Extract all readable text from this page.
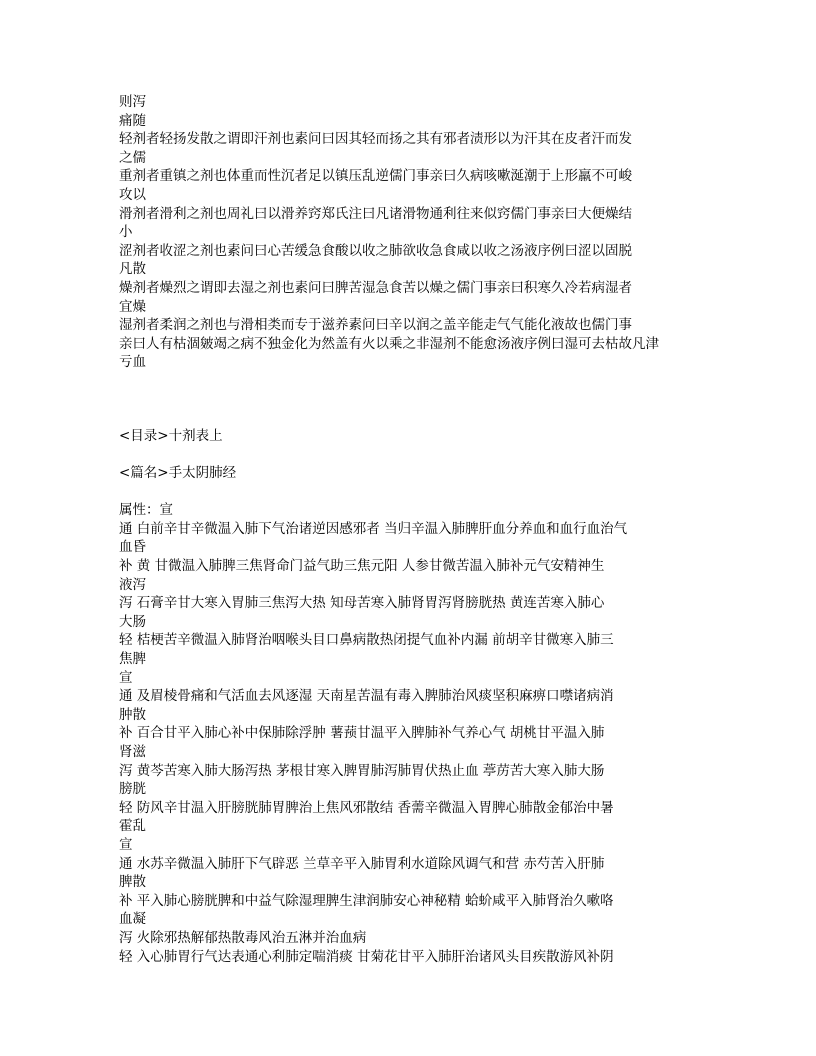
则泻
痛随
轻剂者轻扬发散之谓即汗剂也素问曰因其轻而扬之其有邪者渍形以为汗其在皮者汗而发
之儒
重剂者重镇之剂也体重而性沉者足以镇压乱逆儒门事亲曰久病咳嗽涎潮于上形羸不可峻
攻以
滑剂者滑利之剂也周礼曰以滑养窍郑氏注曰凡诸滑物通利往来似窍儒门事亲曰大便燥结
小
涩剂者收涩之剂也素问曰心苦缓急食酸以收之肺欲收急食咸以收之汤液序例曰涩以固脱
凡散
燥剂者燥烈之谓即去湿之剂也素问曰脾苦湿急食苦以燥之儒门事亲曰积寒久冷若病湿者
宜燥
湿剂者柔润之剂也与滑相类而专于滋养素问曰辛以润之盖辛能走气气能化液故也儒门事
亲曰人有枯涸皴竭之病不独金化为然盖有火以乘之非湿剂不能愈汤液序例曰湿可去枯故凡津
亏血
<目录>十剂表上
<篇名>手太阴肺经
属性：宣
通 白前辛甘辛微温入肺下气治诸逆因感邪者 当归辛温入肺脾肝血分养血和血行血治气
血昏
补 黄 甘微温入肺脾三焦肾命门益气助三焦元阳 人参甘微苦温入肺补元气安精神生
液泻
泻 石膏辛甘大寒入胃肺三焦泻大热 知母苦寒入肺肾胃泻肾膀胱热 黄连苦寒入肺心
大肠
轻 桔梗苦辛微温入肺肾治咽喉头目口鼻病散热闭提气血补内漏 前胡辛甘微寒入肺三
焦脾
宣
通 及眉棱骨痛和气活血去风逐湿 天南星苦温有毒入脾肺治风痰坚积麻痹口噤诸病消
肿散
补 百合甘平入肺心补中保肺除浮肿 薯蓣甘温平入脾肺补气养心气 胡桃甘平温入肺
肾滋
泻 黄芩苦寒入肺大肠泻热 茅根甘寒入脾胃肺泻肺胃伏热止血 葶苈苦大寒入肺大肠
膀胱
轻 防风辛甘温入肝膀胱肺胃脾治上焦风邪散结 香薷辛微温入胃脾心肺散金郁治中暑
霍乱
宣
通 水苏辛微温入肺肝下气辟恶 兰草辛平入肺胃利水道除风调气和营 赤芍苦入肝肺
脾散
补 平入肺心膀胱脾和中益气除湿理脾生津润肺安心神秘精 蛤蚧咸平入肺肾治久嗽咯
血凝
泻 火除邪热解郁热散毒风治五淋并治血病
轻 入心肺胃行气达表通心利肺定喘消痰 甘菊花甘平入肺肝治诸风头目疾散游风补阴
